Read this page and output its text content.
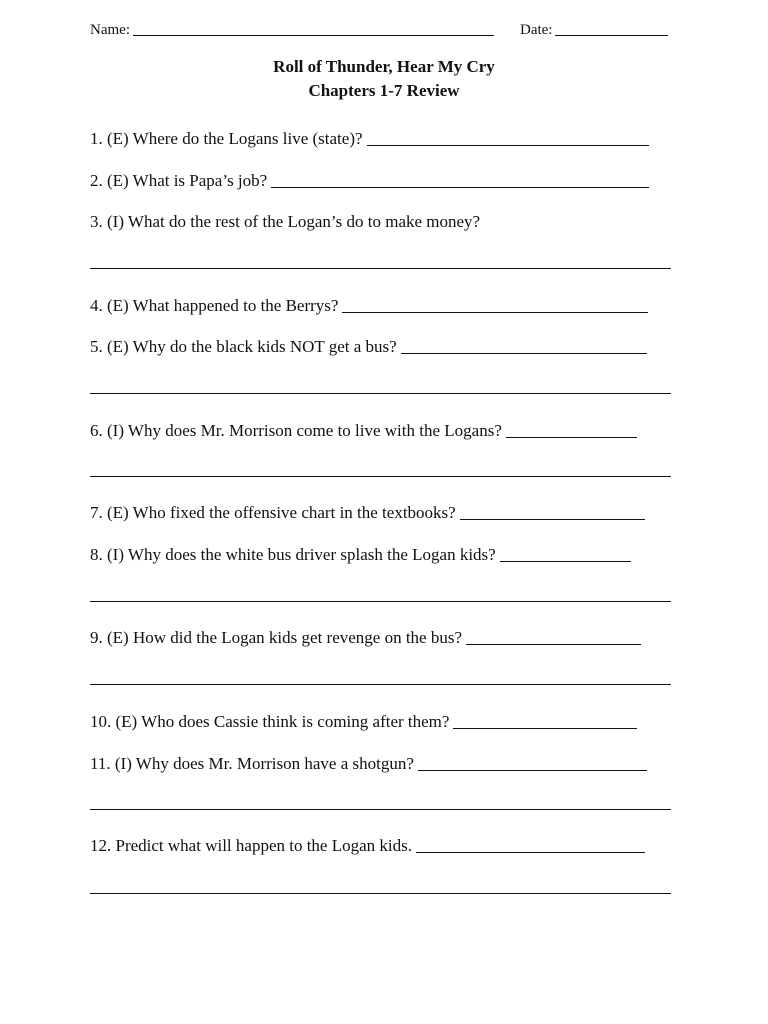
Name:	Date:
Roll of Thunder, Hear My Cry
Chapters 1-7 Review
1. (E) Where do the Logans live (state)?
2. (E) What is Papa’s job?
3. (I) What do the rest of the Logan’s do to make money?
4. (E) What happened to the Berrys?
5. (E) Why do the black kids NOT get a bus?
6. (I) Why does Mr. Morrison come to live with the Logans?
7. (E) Who fixed the offensive chart in the textbooks?
8. (I) Why does the white bus driver splash the Logan kids?
9. (E) How did the Logan kids get revenge on the bus?
10. (E) Who does Cassie think is coming after them?
11. (I) Why does Mr. Morrison have a shotgun?
12. Predict what will happen to the Logan kids.
